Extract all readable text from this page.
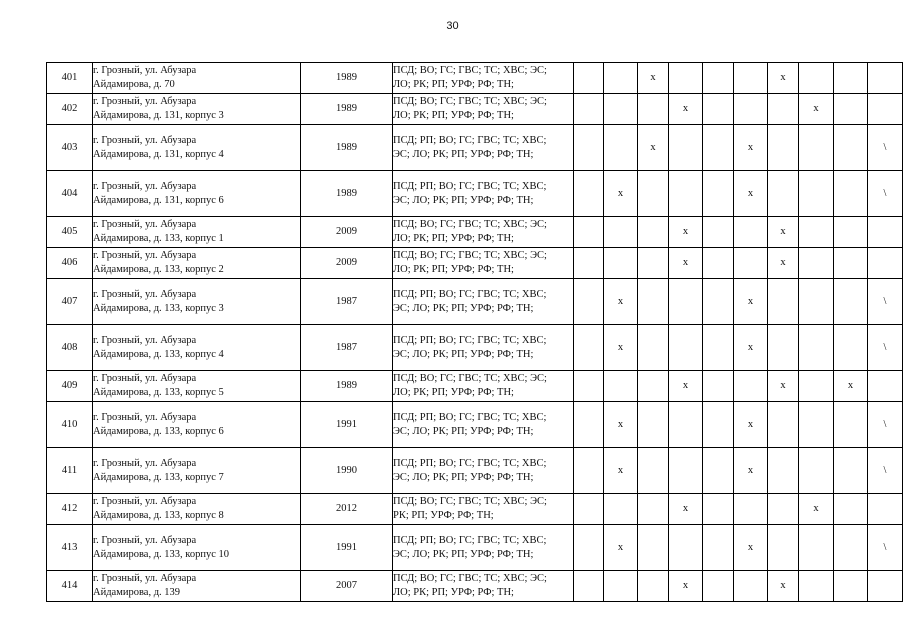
30
401	г. Грозный, ул. Абузара
Айдамирова, д. 70	1989	ПСД; ВО; ГС; ГВС; ТС; ХВС; ЭС;
ЛО; РК; РП; УРФ; РФ; ТН;			x				x			
402	г. Грозный, ул. Абузара
Айдамирова, д. 131, корпус 3	1989	ПСД; ВО; ГС; ГВС; ТС; ХВС; ЭС;
ЛО; РК; РП; УРФ; РФ; ТН;				x				x		
403	г. Грозный, ул. Абузара
Айдамирова, д. 131, корпус 4	1989	ПСД; РП; ВО; ГС; ГВС; ТС; ХВС;
ЭС; ЛО; РК; РП; УРФ; РФ; ТН;			x			x				\
404	г. Грозный, ул. Абузара
Айдамирова, д. 131, корпус 6	1989	ПСД; РП; ВО; ГС; ГВС; ТС; ХВС;
ЭС; ЛО; РК; РП; УРФ; РФ; ТН;		x				x				\
405	г. Грозный, ул. Абузара
Айдамирова, д. 133, корпус 1	2009	ПСД; ВО; ГС; ГВС; ТС; ХВС; ЭС;
ЛО; РК; РП; УРФ; РФ; ТН;				x			x			
406	г. Грозный, ул. Абузара
Айдамирова, д. 133, корпус 2	2009	ПСД; ВО; ГС; ГВС; ТС; ХВС; ЭС;
ЛО; РК; РП; УРФ; РФ; ТН;				x			x			
407	г. Грозный, ул. Абузара
Айдамирова, д. 133, корпус 3	1987	ПСД; РП; ВО; ГС; ГВС; ТС; ХВС;
ЭС; ЛО; РК; РП; УРФ; РФ; ТН;		x				x				\
408	г. Грозный, ул. Абузара
Айдамирова, д. 133, корпус 4	1987	ПСД; РП; ВО; ГС; ГВС; ТС; ХВС;
ЭС; ЛО; РК; РП; УРФ; РФ; ТН;		x				x				\
409	г. Грозный, ул. Абузара
Айдамирова, д. 133, корпус 5	1989	ПСД; ВО; ГС; ГВС; ТС; ХВС; ЭС;
ЛО; РК; РП; УРФ; РФ; ТН;				x			x		x	
410	г. Грозный, ул. Абузара
Айдамирова, д. 133, корпус 6	1991	ПСД; РП; ВО; ГС; ГВС; ТС; ХВС;
ЭС; ЛО; РК; РП; УРФ; РФ; ТН;		x				x				\
411	г. Грозный, ул. Абузара
Айдамирова, д. 133, корпус 7	1990	ПСД; РП; ВО; ГС; ГВС; ТС; ХВС;
ЭС; ЛО; РК; РП; УРФ; РФ; ТН;		x				x				\
412	г. Грозный, ул. Абузара
Айдамирова, д. 133, корпус 8	2012	ПСД; ВО; ГС; ГВС; ТС; ХВС; ЭС;
РК; РП; УРФ; РФ; ТН;				x				x		
413	г. Грозный, ул. Абузара
Айдамирова, д. 133, корпус 10	1991	ПСД; РП; ВО; ГС; ГВС; ТС; ХВС;
ЭС; ЛО; РК; РП; УРФ; РФ; ТН;		x				x				\
414	г. Грозный, ул. Абузара
Айдамирова, д. 139	2007	ПСД; ВО; ГС; ГВС; ТС; ХВС; ЭС;
ЛО; РК; РП; УРФ; РФ; ТН;				x			x			
